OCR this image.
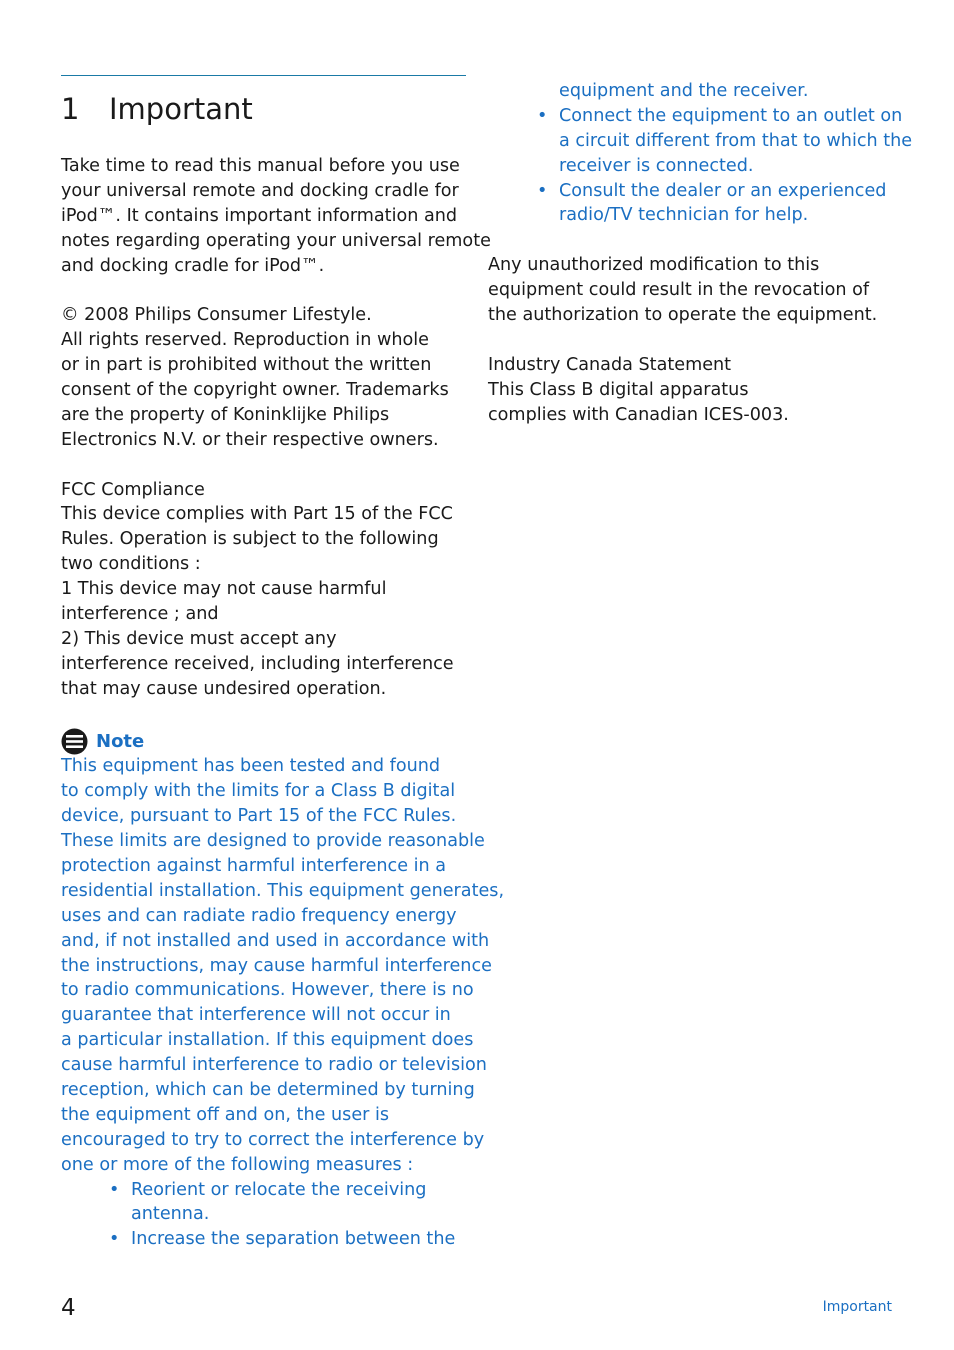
1 Important
Take time to read this manual before you use
your universal remote and docking cradle for
iPod™. It contains important information and
notes regarding operating your universal remote
and docking cradle for iPod™.
© 2008 Philips Consumer Lifestyle.
All rights reserved. Reproduction in whole
or in part is prohibited without the written
consent of the copyright owner. Trademarks
are the property of Koninklijke Philips
Electronics N.V. or their respective owners.
FCC Compliance
This device complies with Part 15 of the FCC
Rules. Operation is subject to the following
two conditions :
1 This device may not cause harmful
interference ; and
2) This device must accept any
interference received, including interference
that may cause undesired operation.
Note
This equipment has been tested and found
to comply with the limits for a Class B digital
device, pursuant to Part 15 of the FCC Rules.
These limits are designed to provide reasonable
protection against harmful interference in a
residential installation. This equipment generates,
uses and can radiate radio frequency energy
and, if not installed and used in accordance with
the instructions, may cause harmful interference
to radio communications. However, there is no
guarantee that interference will not occur in
a particular installation. If this equipment does
cause harmful interference to radio or television
reception, which can be determined by turning
the equipment off and on, the user is
encouraged to try to correct the interference by
one or more of the following measures :
• Reorient or relocate the receiving
antenna.
• Increase the separation between the
equipment and the receiver.
• Connect the equipment to an outlet on
a circuit different from that to which the
receiver is connected.
• Consult the dealer or an experienced
radio/TV technician for help.
Any unauthorized modification to this
equipment could result in the revocation of
the authorization to operate the equipment.
Industry Canada Statement
This Class B digital apparatus
complies with Canadian ICES-003.
4	Important
